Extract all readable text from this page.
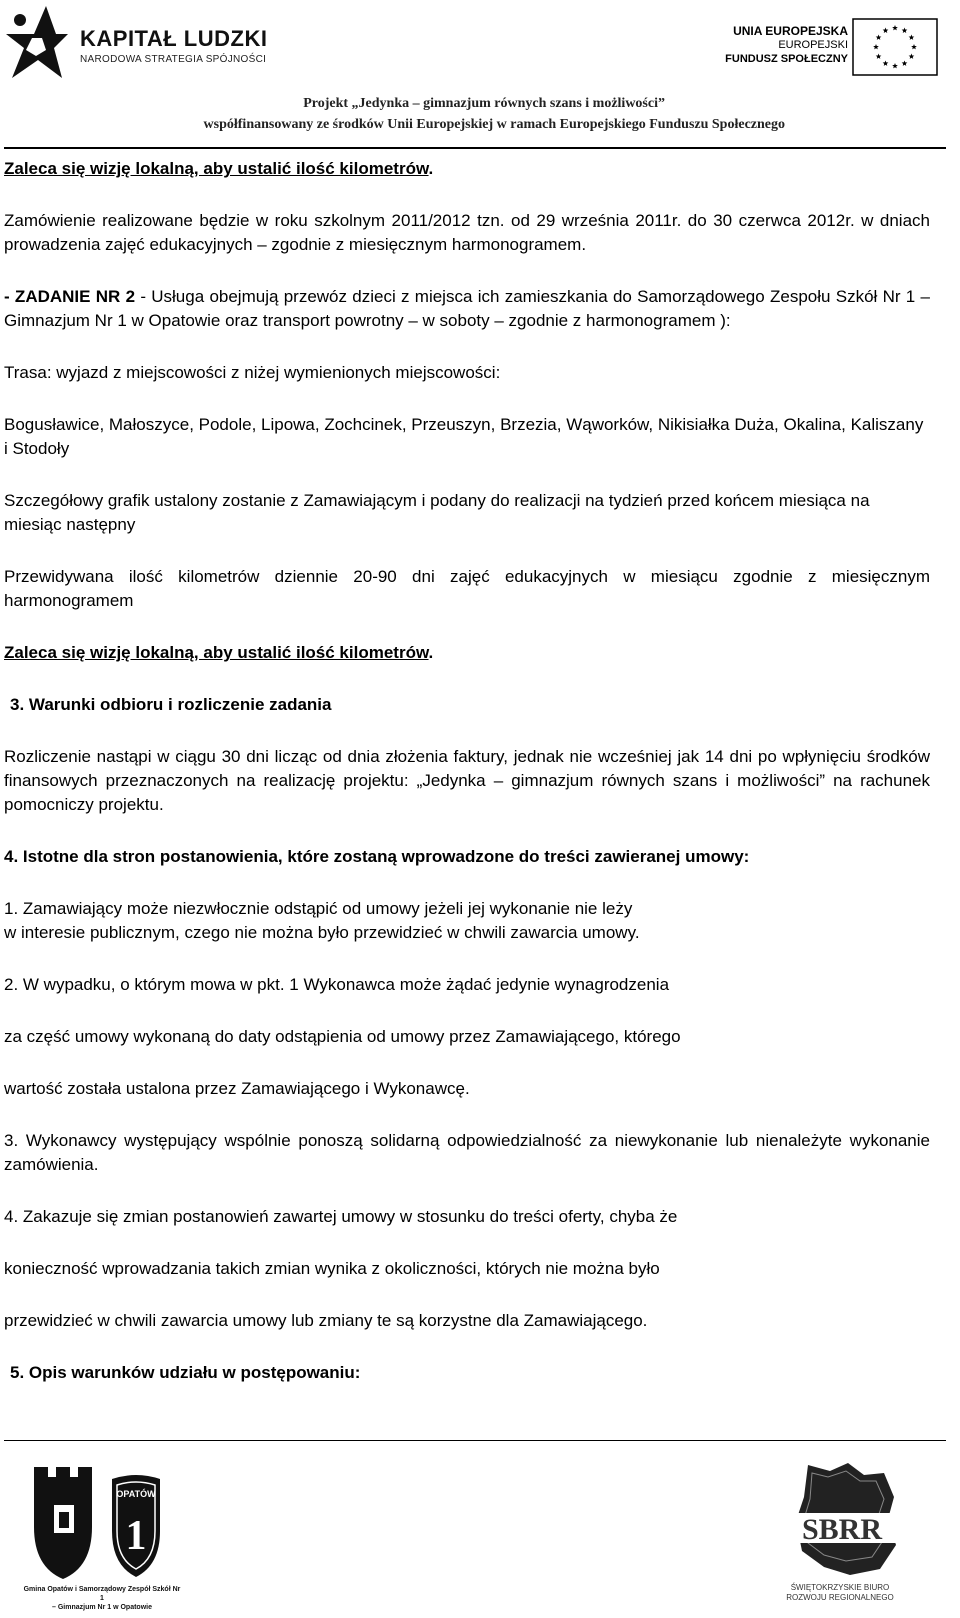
KAPITAŁ LUDZKI
NARODOWA STRATEGIA SPÓJNOŚCI
UNIA EUROPEJSKA
EUROPEJSKI
FUNDUSZ SPOŁECZNY
Projekt „Jedynka – gimnazjum równych szans i możliwości”
współfinansowany ze środków Unii Europejskiej w ramach Europejskiego Funduszu Społecznego

Zaleca się wizję lokalną, aby ustalić ilość kilometrów.

Zamówienie realizowane będzie w roku szkolnym 2011/2012 tzn. od 29 września 2011r. do 30 czerwca 2012r. w dniach prowadzenia zajęć edukacyjnych – zgodnie z miesięcznym harmonogramem.

- ZADANIE NR 2 - Usługa obejmują przewóz dzieci z miejsca ich zamieszkania do Samorządowego Zespołu Szkół Nr 1 – Gimnazjum Nr 1 w Opatowie oraz transport powrotny – w soboty – zgodnie z harmonogramem ):

Trasa: wyjazd z miejscowości z niżej wymienionych miejscowości:

Bogusławice, Małoszyce, Podole, Lipowa, Zochcinek, Przeuszyn, Brzezia, Wąworków, Nikisiałka Duża, Okalina, Kaliszany i Stodoły

Szczegółowy grafik ustalony zostanie z Zamawiającym i podany do realizacji na tydzień przed końcem miesiąca na miesiąc następny

Przewidywana ilość kilometrów dziennie 20-90 dni zajęć edukacyjnych w miesiącu zgodnie z miesięcznym harmonogramem

Zaleca się wizję lokalną, aby ustalić ilość kilometrów.

3. Warunki odbioru i rozliczenie zadania

Rozliczenie nastąpi w ciągu 30 dni licząc od dnia złożenia faktury, jednak nie wcześniej jak 14 dni po wpłynięciu środków finansowych przeznaczonych na realizację projektu: „Jedynka – gimnazjum równych szans i możliwości” na rachunek pomocniczy projektu.

4. Istotne dla stron postanowienia, które zostaną wprowadzone do treści zawieranej umowy:

1. Zamawiający może niezwłocznie odstąpić od umowy jeżeli jej wykonanie nie leży
w interesie publicznym, czego nie można było przewidzieć w chwili zawarcia umowy.

2. W wypadku, o którym mowa w pkt. 1 Wykonawca może żądać jedynie wynagrodzenia

za część umowy wykonaną do daty odstąpienia od umowy przez Zamawiającego, którego

wartość została ustalona przez Zamawiającego i Wykonawcę.

3. Wykonawcy występujący wspólnie ponoszą solidarną odpowiedzialność za niewykonanie lub nienależyte wykonanie zamówienia.

4. Zakazuje się zmian postanowień zawartej umowy w stosunku do treści oferty, chyba że

konieczność wprowadzania takich zmian wynika z okoliczności, których nie można było

przewidzieć w chwili zawarcia umowy lub zmiany te są korzystne dla Zamawiającego.

5. Opis warunków udziału w postępowaniu:

OPATÓW
1
Gmina Opatów i Samorządowy Zespół Szkół Nr 1
– Gimnazjum Nr 1 w Opatowie
SBRR
ŚWIĘTOKRZYSKIE BIURO
ROZWOJU REGIONALNEGO
